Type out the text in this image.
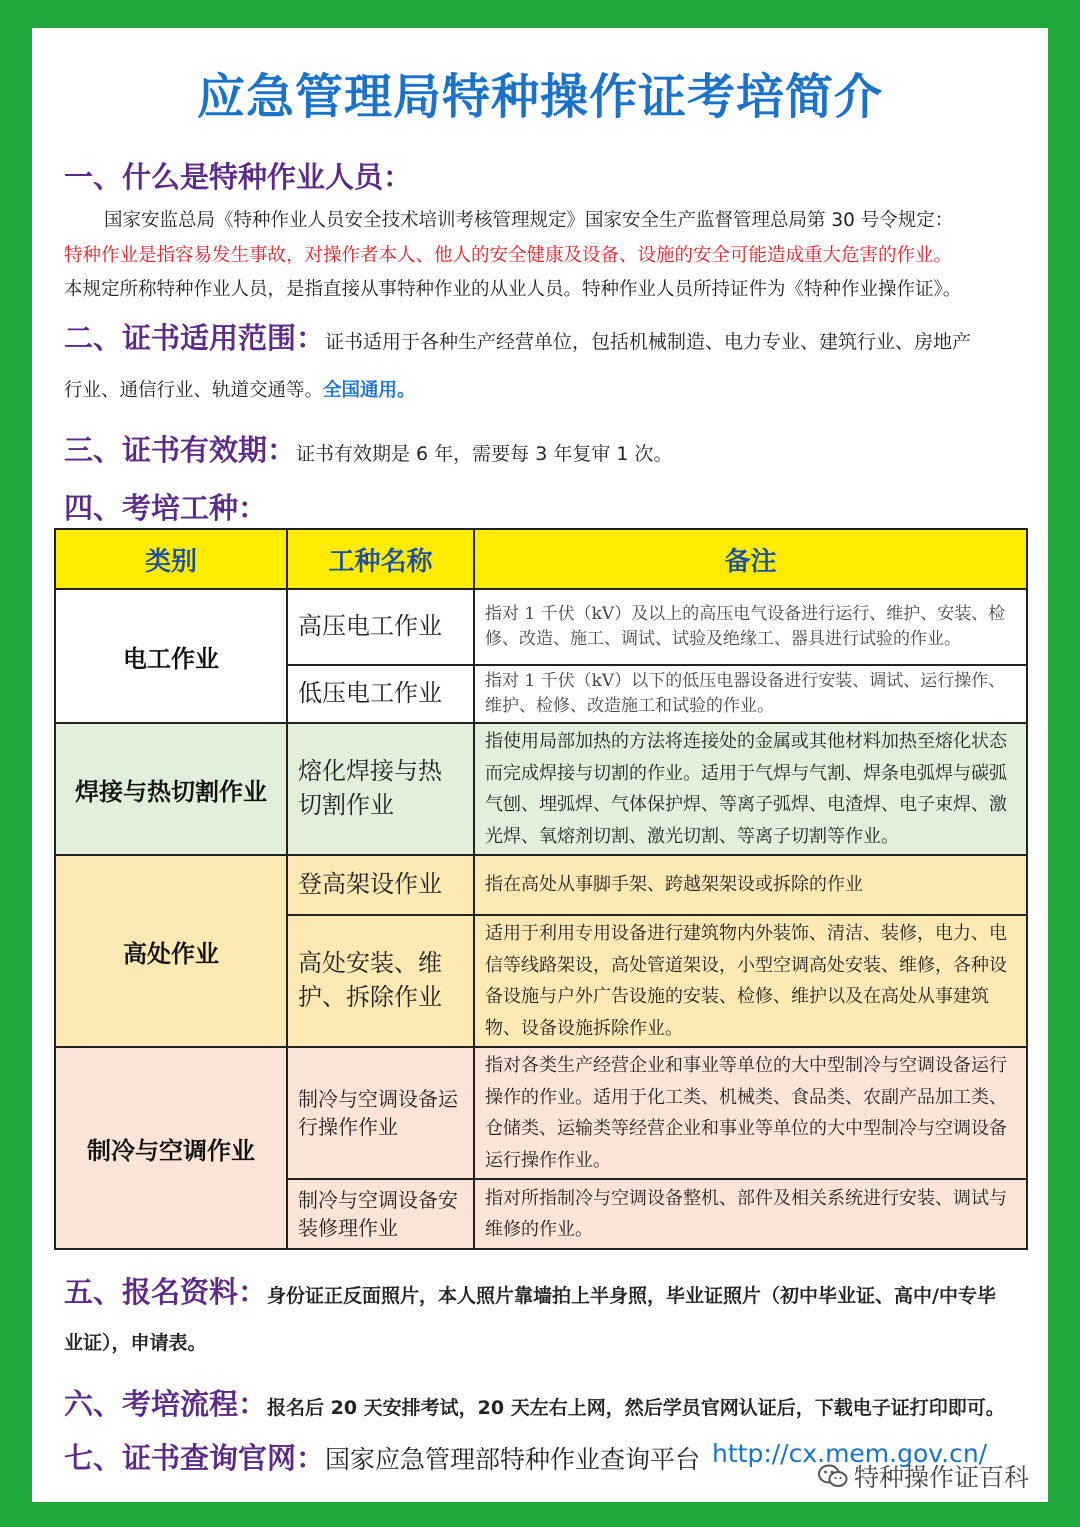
应急管理局特种操作证考培简介
一、什么是特种作业人员：
国家安监总局《特种作业人员安全技术培训考核管理规定》国家安全生产监督管理总局第 30 号令规定：
特种作业是指容易发生事故，对操作者本人、他人的安全健康及设备、设施的安全可能造成重大危害的作业。
本规定所称特种作业人员，是指直接从事特种作业的从业人员。特种作业人员所持证件为《特种作业操作证》。
二、证书适用范围：证书适用于各种生产经营单位，包括机械制造、电力专业、建筑行业、房地产
行业、通信行业、轨道交通等。全国通用。
三、证书有效期：证书有效期是 6 年，需要每 3 年复审 1 次。
四、考培工种：
类别	工种名称	备注
电工作业	高压电工作业	指对 1 千伏（kV）及以上的高压电气设备进行运行、维护、安装、检修、改造、施工、调试、试验及绝缘工、器具进行试验的作业。
	低压电工作业	指对 1 千伏（kV）以下的低压电器设备进行安装、调试、运行操作、维护、检修、改造施工和试验的作业。
焊接与热切割作业	熔化焊接与热切割作业	指使用局部加热的方法将连接处的金属或其他材料加热至熔化状态而完成焊接与切割的作业。适用于气焊与气割、焊条电弧焊与碳弧气刨、埋弧焊、气体保护焊、等离子弧焊、电渣焊、电子束焊、激光焊、氧熔剂切割、激光切割、等离子切割等作业。
高处作业	登高架设作业	指在高处从事脚手架、跨越架架设或拆除的作业
	高处安装、维护、拆除作业	适用于利用专用设备进行建筑物内外装饰、清洁、装修，电力、电信等线路架设，高处管道架设，小型空调高处安装、维修，各种设备设施与户外广告设施的安装、检修、维护以及在高处从事建筑物、设备设施拆除作业。
制冷与空调作业	制冷与空调设备运行操作作业	指对各类生产经营企业和事业等单位的大中型制冷与空调设备运行操作的作业。适用于化工类、机械类、食品类、农副产品加工类、仓储类、运输类等经营企业和事业等单位的大中型制冷与空调设备运行操作作业。
	制冷与空调设备安装修理作业	指对所指制冷与空调设备整机、部件及相关系统进行安装、调试与维修的作业。
五、报名资料：身份证正反面照片，本人照片靠墙拍上半身照，毕业证照片（初中毕业证、高中/中专毕
业证），申请表。
六、考培流程：报名后 20 天安排考试，20 天左右上网，然后学员官网认证后，下载电子证打印即可。
七、证书查询官网：国家应急管理部特种作业查询平台 http://cx.mem.gov.cn/
特种操作证百科
